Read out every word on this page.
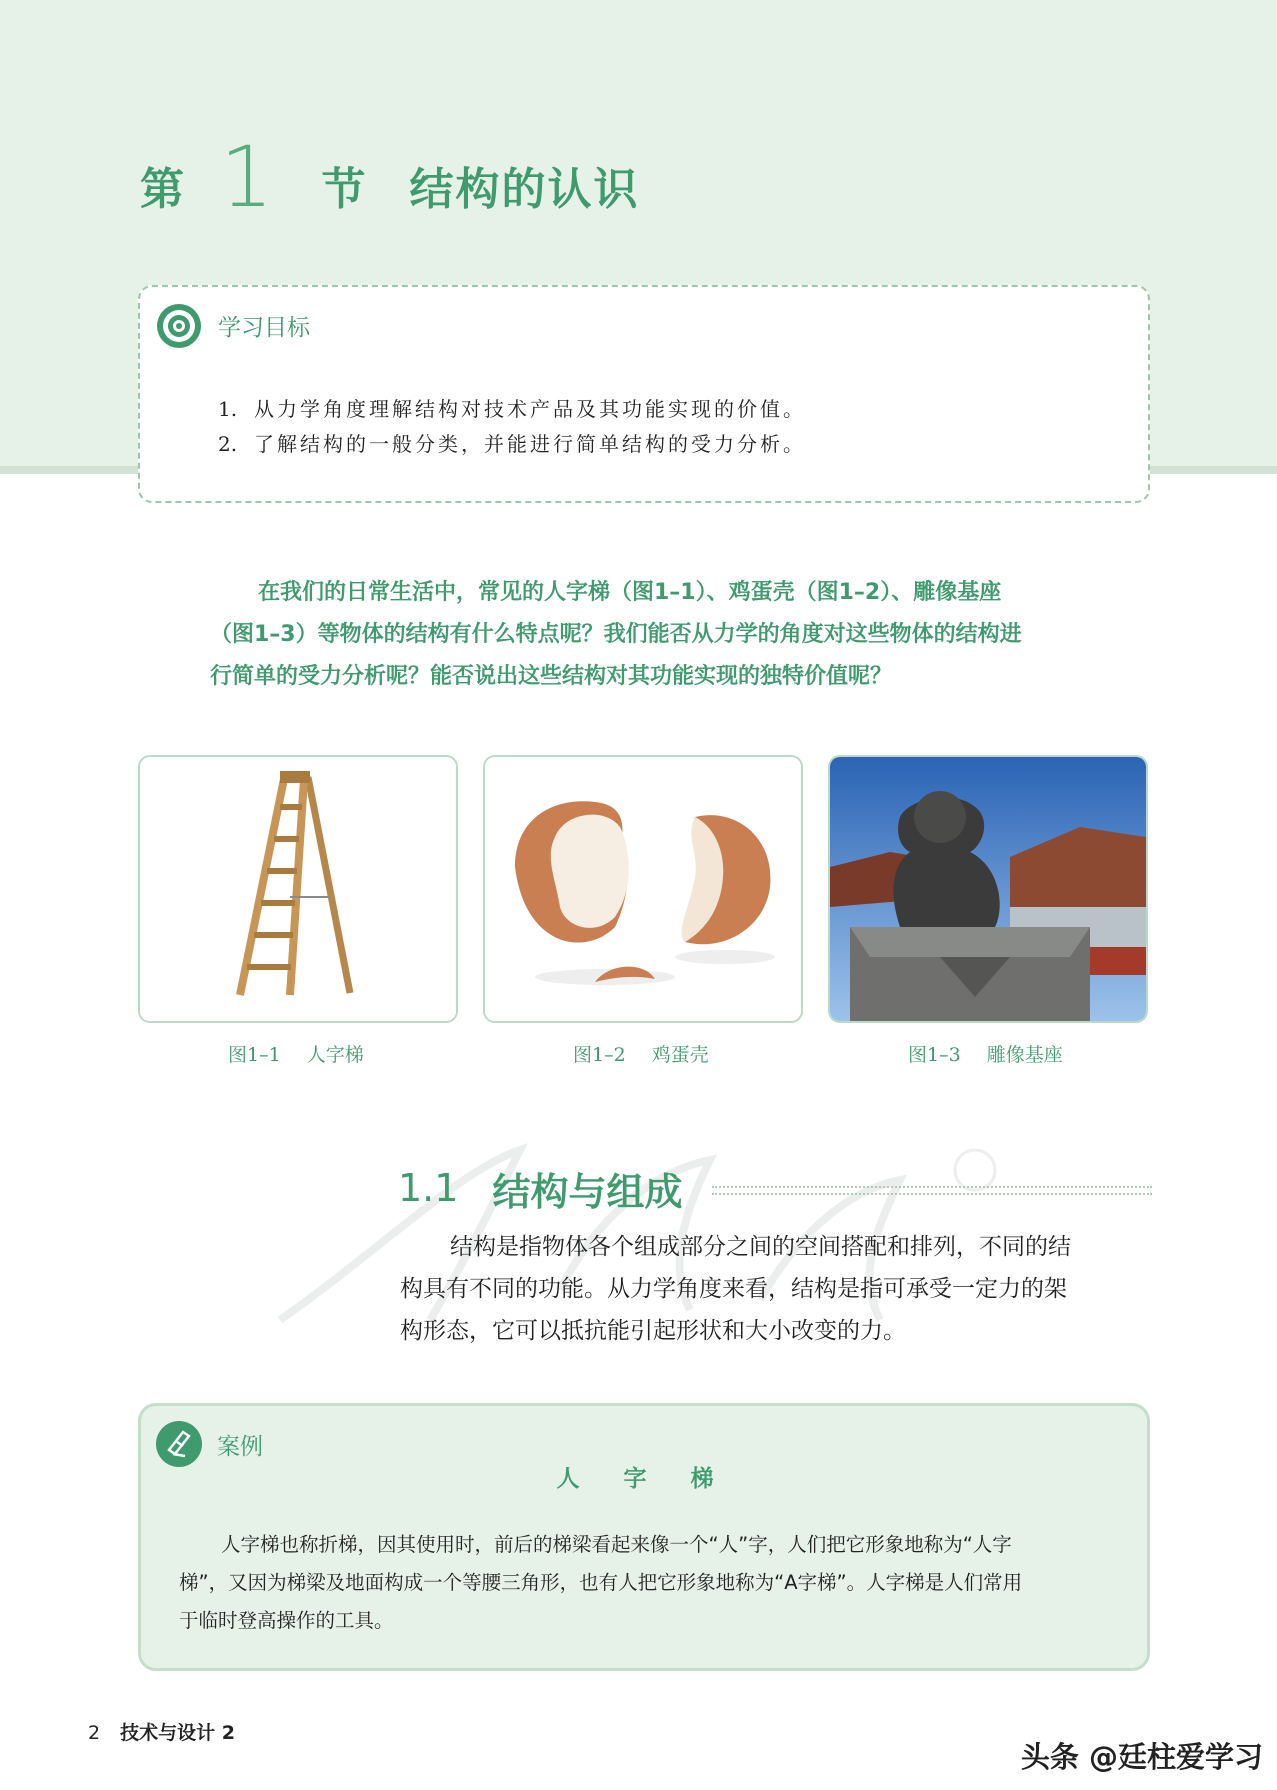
第 1 节 结构的认识
学习目标
1. 从力学角度理解结构对技术产品及其功能实现的价值。
2. 了解结构的一般分类，并能进行简单结构的受力分析。
在我们的日常生活中，常见的人字梯（图1–1）、鸡蛋壳（图1–2）、雕像基座
（图1–3）等物体的结构有什么特点呢？我们能否从力学的角度对这些物体的结构进
行简单的受力分析呢？能否说出这些结构对其功能实现的独特价值呢？
图1–1 人字梯	图1–2 鸡蛋壳	图1–3 雕像基座
1.1 结构与组成
结构是指物体各个组成部分之间的空间搭配和排列，不同的结
构具有不同的功能。从力学角度来看，结构是指可承受一定力的架
构形态，它可以抵抗能引起形状和大小改变的力。
案例
人 字 梯
人字梯也称折梯，因其使用时，前后的梯梁看起来像一个“人”字，人们把它形象地称为“人字
梯”，又因为梯梁及地面构成一个等腰三角形，也有人把它形象地称为“A字梯”。人字梯是人们常用
于临时登高操作的工具。
2 技术与设计 2
头条 @廷柱爱学习
